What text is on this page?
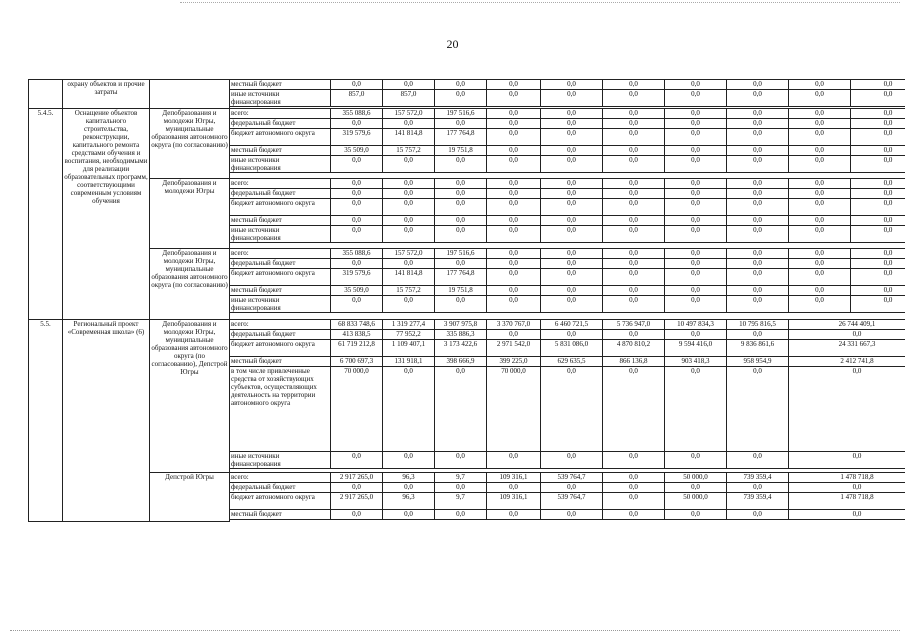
20
	охрану объектов и прочие затраты		местный бюджет	0,0	0,0	0,0	0,0	0,0	0,0	0,0	0,0	0,0	0,0
			иные источники финансирования	857,0	857,0	0,0	0,0	0,0	0,0	0,0	0,0	0,0	0,0

5.4.5.	Оснащение объектов капитального строительства, реконструкции, капитального ремонта средствами обучения и воспитания, необходимыми для реализации образовательных программ, соответствующими современным условиям обучения	Депобразования и молодежи Югры, муниципальные образования автономного округа (по согласованию)	всего:	355 088,6	157 572,0	197 516,6	0,0	0,0	0,0	0,0	0,0	0,0	0,0
			федеральный бюджет	0,0	0,0	0,0	0,0	0,0	0,0	0,0	0,0	0,0	0,0
			бюджет автономного округа	319 579,6	141 814,8	177 764,8	0,0	0,0	0,0	0,0	0,0	0,0	0,0
			местный бюджет	35 509,0	15 757,2	19 751,8	0,0	0,0	0,0	0,0	0,0	0,0	0,0
			иные источники финансирования	0,0	0,0	0,0	0,0	0,0	0,0	0,0	0,0	0,0	0,0

		Депобразования и молодежи Югры	всего:	0,0	0,0	0,0	0,0	0,0	0,0	0,0	0,0	0,0	0,0
			федеральный бюджет	0,0	0,0	0,0	0,0	0,0	0,0	0,0	0,0	0,0	0,0
			бюджет автономного округа	0,0	0,0	0,0	0,0	0,0	0,0	0,0	0,0	0,0	0,0
			местный бюджет	0,0	0,0	0,0	0,0	0,0	0,0	0,0	0,0	0,0	0,0
			иные источники финансирования	0,0	0,0	0,0	0,0	0,0	0,0	0,0	0,0	0,0	0,0

		Депобразования и молодежи Югры, муниципальные образования автономного округа (по согласованию)	всего:	355 088,6	157 572,0	197 516,6	0,0	0,0	0,0	0,0	0,0	0,0	0,0
			федеральный бюджет	0,0	0,0	0,0	0,0	0,0	0,0	0,0	0,0	0,0	0,0
			бюджет автономного округа	319 579,6	141 814,8	177 764,8	0,0	0,0	0,0	0,0	0,0	0,0	0,0
			местный бюджет	35 509,0	15 757,2	19 751,8	0,0	0,0	0,0	0,0	0,0	0,0	0,0
			иные источники финансирования	0,0	0,0	0,0	0,0	0,0	0,0	0,0	0,0	0,0	0,0

5.5.	Региональный проект «Современная школа» (6)	Депобразования и молодежи Югры, муниципальные образования автономного округа (по согласованию), Депстрой Югры	всего:	68 833 748,6	1 319 277,4	3 907 975,8	3 370 767,0	6 460 721,5	5 736 947,0	10 497 834,3	10 795 816,5	26 744 409,1	
			федеральный бюджет	413 838,5	77 952,2	335 886,3	0,0	0,0	0,0	0,0	0,0	0,0	
			бюджет автономного округа	61 719 212,8	1 109 407,1	3 173 422,6	2 971 542,0	5 831 086,0	4 870 810,2	9 594 416,0	9 836 861,6	24 331 667,3	
			местный бюджет	6 700 697,3	131 918,1	398 666,9	399 225,0	629 635,5	866 136,8	903 418,3	958 954,9	2 412 741,8	
			в том числе привлеченные средства от хозяйствующих субъектов, осуществляющих деятельность на территории автономного округа	70 000,0	0,0	0,0	70 000,0	0,0	0,0	0,0	0,0	0,0	
			иные источники финансирования	0,0	0,0	0,0	0,0	0,0	0,0	0,0	0,0	0,0	

		Депстрой Югры	всего:	2 917 265,0	96,3	9,7	109 316,1	539 764,7	0,0	50 000,0	739 359,4	1 478 718,8	
			федеральный бюджет	0,0	0,0	0,0	0,0	0,0	0,0	0,0	0,0	0,0	
			бюджет автономного округа	2 917 265,0	96,3	9,7	109 316,1	539 764,7	0,0	50 000,0	739 359,4	1 478 718,8	
			местный бюджет	0,0	0,0	0,0	0,0	0,0	0,0	0,0	0,0	0,0	
